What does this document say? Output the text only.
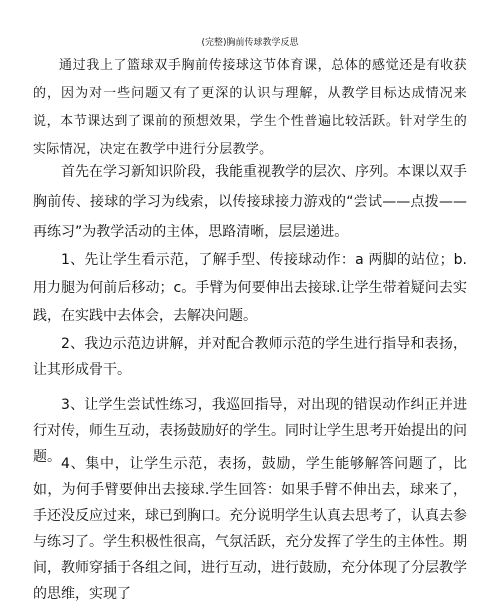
(完整)胸前传球教学反思

通过我上了篮球双手胸前传接球这节体育课，总体的感觉还是有收获的，因为对一些问题又有了更深的认识与理解，从教学目标达成情况来说，本节课达到了课前的预想效果，学生个性普遍比较活跃。针对学生的实际情况，决定在教学中进行分层教学。

首先在学习新知识阶段，我能重视教学的层次、序列。本课以双手胸前传、接球的学习为线索，以传接球接力游戏的“尝试——点拨——再练习”为教学活动的主体，思路清晰，层层递进。

1、先让学生看示范，了解手型、传接球动作：a 两脚的站位；b.用力腿为何前后移动；c。手臂为何要伸出去接球.让学生带着疑问去实践，在实践中去体会，去解决问题。

2、我边示范边讲解，并对配合教师示范的学生进行指导和表扬，让其形成骨干。

3、让学生尝试性练习，我巡回指导，对出现的错误动作纠正并进行对传，师生互动，表扬鼓励好的学生。同时让学生思考开始提出的问题。 4、集中，让学生示范，表扬，鼓励，学生能够解答问题了，比如，为何手臂要伸出去接球.学生回答：如果手臂不伸出去，球来了，手还没反应过来，球已到胸口。充分说明学生认真去思考了，认真去参与练习了。学生积极性很高，气氛活跃，充分发挥了学生的主体性。期间，教师穿插于各组之间，进行互动，进行鼓励，充分体现了分层教学的思维，实现了
